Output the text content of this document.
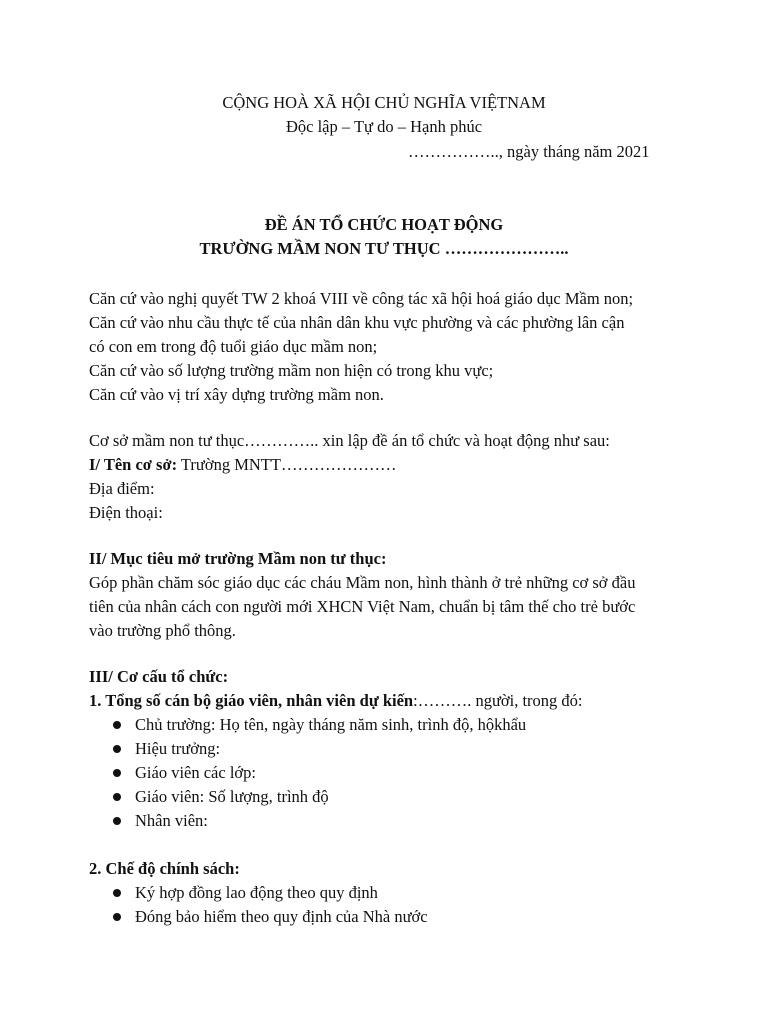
CỘNG HOÀ XÃ HỘI CHỦ NGHĨA VIỆTNAM
Độc lập – Tự do – Hạnh phúc
…………….., ngày tháng năm 2021
ĐỀ ÁN TỔ CHỨC HOẠT ĐỘNG
TRƯỜNG MẦM NON TƯ THỤC …………………..
Căn cứ vào nghị quyết TW 2 khoá VIII về công tác xã hội hoá giáo dục Mầm non;
Căn cứ vào nhu cầu thực tế của nhân dân khu vực phường và các phường lân cận
có con em trong độ tuổi giáo dục mầm non;
Căn cứ vào số lượng trường mầm non hiện có trong khu vực;
Căn cứ vào vị trí xây dựng trường mầm non.
Cơ sở mầm non tư thục………….. xin lập đề án tổ chức và hoạt động như sau:
I/ Tên cơ sở: Trường MNTT…………………
Địa điểm:
Điện thoại:
II/ Mục tiêu mở trường Mầm non tư thục:
Góp phần chăm sóc giáo dục các cháu Mầm non, hình thành ở trẻ những cơ sở đầu
tiên của nhân cách con người mới XHCN Việt Nam, chuẩn bị tâm thế cho trẻ bước
vào trường phổ thông.
III/ Cơ cấu tổ chức:
1. Tổng số cán bộ giáo viên, nhân viên dự kiến:………. người, trong đó:
Chủ trường: Họ tên, ngày tháng năm sinh, trình độ, hộkhẩu
Hiệu trưởng:
Giáo viên các lớp:
Giáo viên: Số lượng, trình độ
Nhân viên:
2. Chế độ chính sách:
Ký hợp đồng lao động theo quy định
Đóng bảo hiểm theo quy định của Nhà nước
